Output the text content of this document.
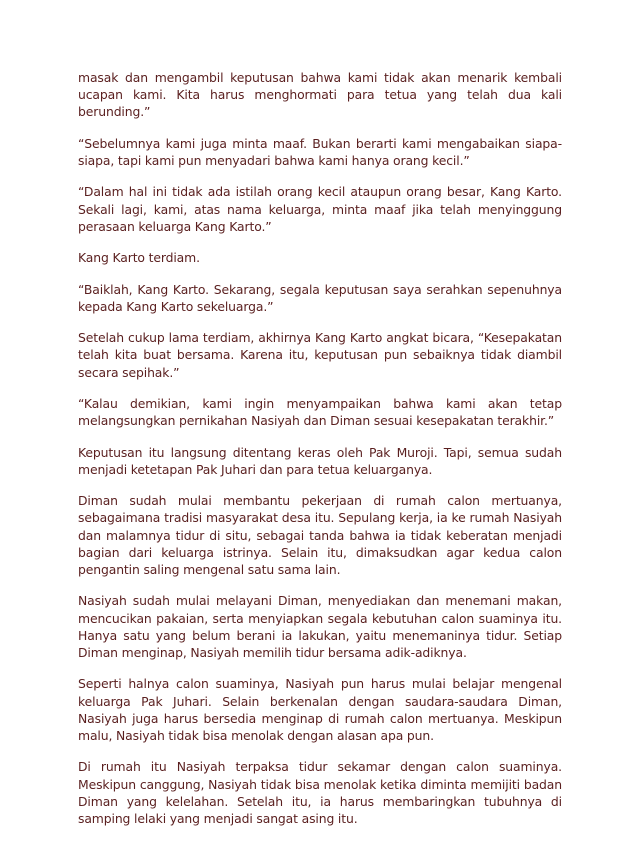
masak dan mengambil keputusan bahwa kami tidak akan menarik kembali ucapan kami. Kita harus menghormati para tetua yang telah dua kali berunding.”

“Sebelumnya kami juga minta maaf. Bukan berarti kami mengabaikan siapa-siapa, tapi kami pun menyadari bahwa kami hanya orang kecil.”

“Dalam hal ini tidak ada istilah orang kecil ataupun orang besar, Kang Karto. Sekali lagi, kami, atas nama keluarga, minta maaf jika telah menyinggung perasaan keluarga Kang Karto.”

Kang Karto terdiam.

“Baiklah, Kang Karto. Sekarang, segala keputusan saya serahkan sepenuhnya kepada Kang Karto sekeluarga.”

Setelah cukup lama terdiam, akhirnya Kang Karto angkat bicara, “Kesepakatan telah kita buat bersama. Karena itu, keputusan pun sebaiknya tidak diambil secara sepihak.”

“Kalau demikian, kami ingin menyampaikan bahwa kami akan tetap melangsungkan pernikahan Nasiyah dan Diman sesuai kesepakatan terakhir.”

Keputusan itu langsung ditentang keras oleh Pak Muroji. Tapi, semua sudah menjadi ketetapan Pak Juhari dan para tetua keluarganya.

Diman sudah mulai membantu pekerjaan di rumah calon mertuanya, sebagaimana tradisi masyarakat desa itu. Sepulang kerja, ia ke rumah Nasiyah dan malamnya tidur di situ, sebagai tanda bahwa ia tidak keberatan menjadi bagian dari keluarga istrinya. Selain itu, dimaksudkan agar kedua calon pengantin saling mengenal satu sama lain.

Nasiyah sudah mulai melayani Diman, menyediakan dan menemani makan, mencucikan pakaian, serta menyiapkan segala kebutuhan calon suaminya itu. Hanya satu yang belum berani ia lakukan, yaitu menemaninya tidur. Setiap Diman menginap, Nasiyah memilih tidur bersama adik-adiknya.

Seperti halnya calon suaminya, Nasiyah pun harus mulai belajar mengenal keluarga Pak Juhari. Selain berkenalan dengan saudara-saudara Diman, Nasiyah juga harus bersedia menginap di rumah calon mertuanya. Meskipun malu, Nasiyah tidak bisa menolak dengan alasan apa pun.

Di rumah itu Nasiyah terpaksa tidur sekamar dengan calon suaminya. Meskipun canggung, Nasiyah tidak bisa menolak ketika diminta memijiti badan Diman yang kelelahan. Setelah itu, ia harus membaringkan tubuhnya di samping lelaki yang menjadi sangat asing itu.
